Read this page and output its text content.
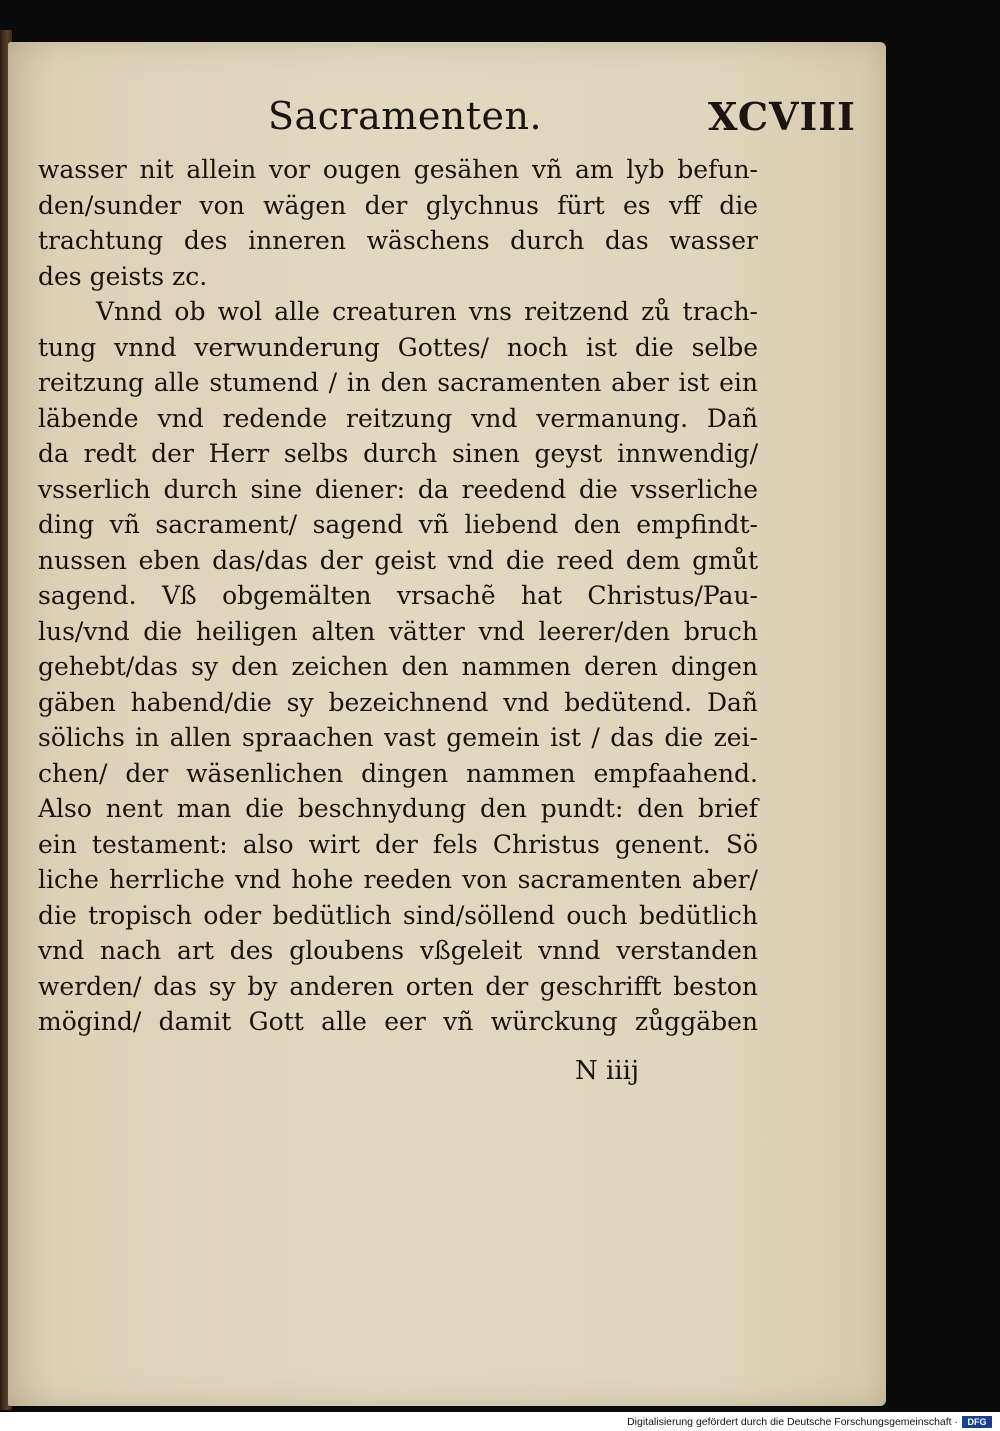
Sacramenten.	XCVIII
wasser nit allein vor ougen gesähen vñ am lyb befun‑
den/sunder von wägen der glychnus fürt es vff die
trachtung des inneren wäschens durch das wasser
des geists zc.
Vnnd ob wol alle creaturen vns reitzend zů trach‑
tung vnnd verwunderung Gottes/ noch ist die selbe
reitzung alle stumend / in den sacramenten aber ist ein
läbende vnd redende reitzung vnd vermanung. Dañ
da redt der Herr selbs durch sinen geyst innwendig/
vsserlich durch sine diener: da reedend die vsserliche
ding vñ sacrament/ sagend vñ liebend den empfindt‑
nussen eben das/das der geist vnd die reed dem gmůt
sagend. Vß obgemälten vrsachẽ hat Christus/Pau‑
lus/vnd die heiligen alten vätter vnd leerer/den bruch
gehebt/das sy den zeichen den nammen deren dingen
gäben habend/die sy bezeichnend vnd bedütend. Dañ
sölichs in allen spraachen vast gemein ist / das die zei‑
chen/ der wäsenlichen dingen nammen empfaahend.
Also nent man die beschnydung den pundt: den brief
ein testament: also wirt der fels Christus genent. Sö
liche herrliche vnd hohe reeden von sacramenten aber/
die tropisch oder bedütlich sind/söllend ouch bedütlich
vnd nach art des gloubens vßgeleit vnnd verstanden
werden/ das sy by anderen orten der geschrifft beston
mögind/ damit Gott alle eer vñ würckung zůggäben
N iiij
Digitalisierung gefördert durch die Deutsche Forschungsgemeinschaft ·	DFG
